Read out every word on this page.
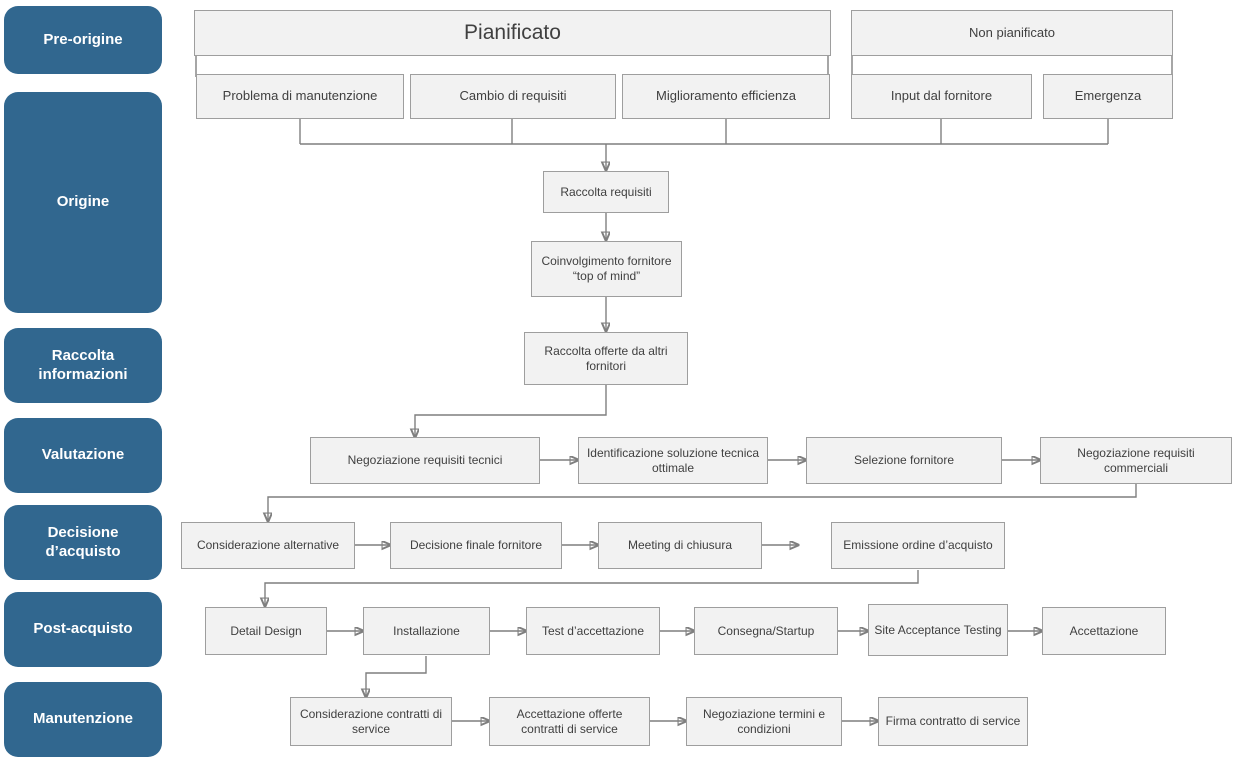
Pre-origine
Origine
Raccolta informazioni
Valutazione
Decisione d’acquisto
Post-acquisto
Manutenzione
Pianificato	Non pianificato
Problema di manutenzione	Cambio di requisiti	Miglioramento efficienza	Input dal fornitore	Emergenza
Raccolta requisiti
Coinvolgimento fornitore “top of mind”
Raccolta offerte da altri fornitori
Negoziazione requisiti tecnici
Identificazione soluzione tecnica ottimale
Selezione fornitore
Negoziazione requisiti commerciali
Considerazione alternative	Decisione finale fornitore	Meeting di chiusura	Emissione ordine d’acquisto
Detail Design	Installazione	Test d’accettazione	Consegna/Startup	Site Acceptance Testing	Accettazione
Considerazione contratti di service
Accettazione offerte contratti di service
Negoziazione termini e condizioni
Firma contratto di service
